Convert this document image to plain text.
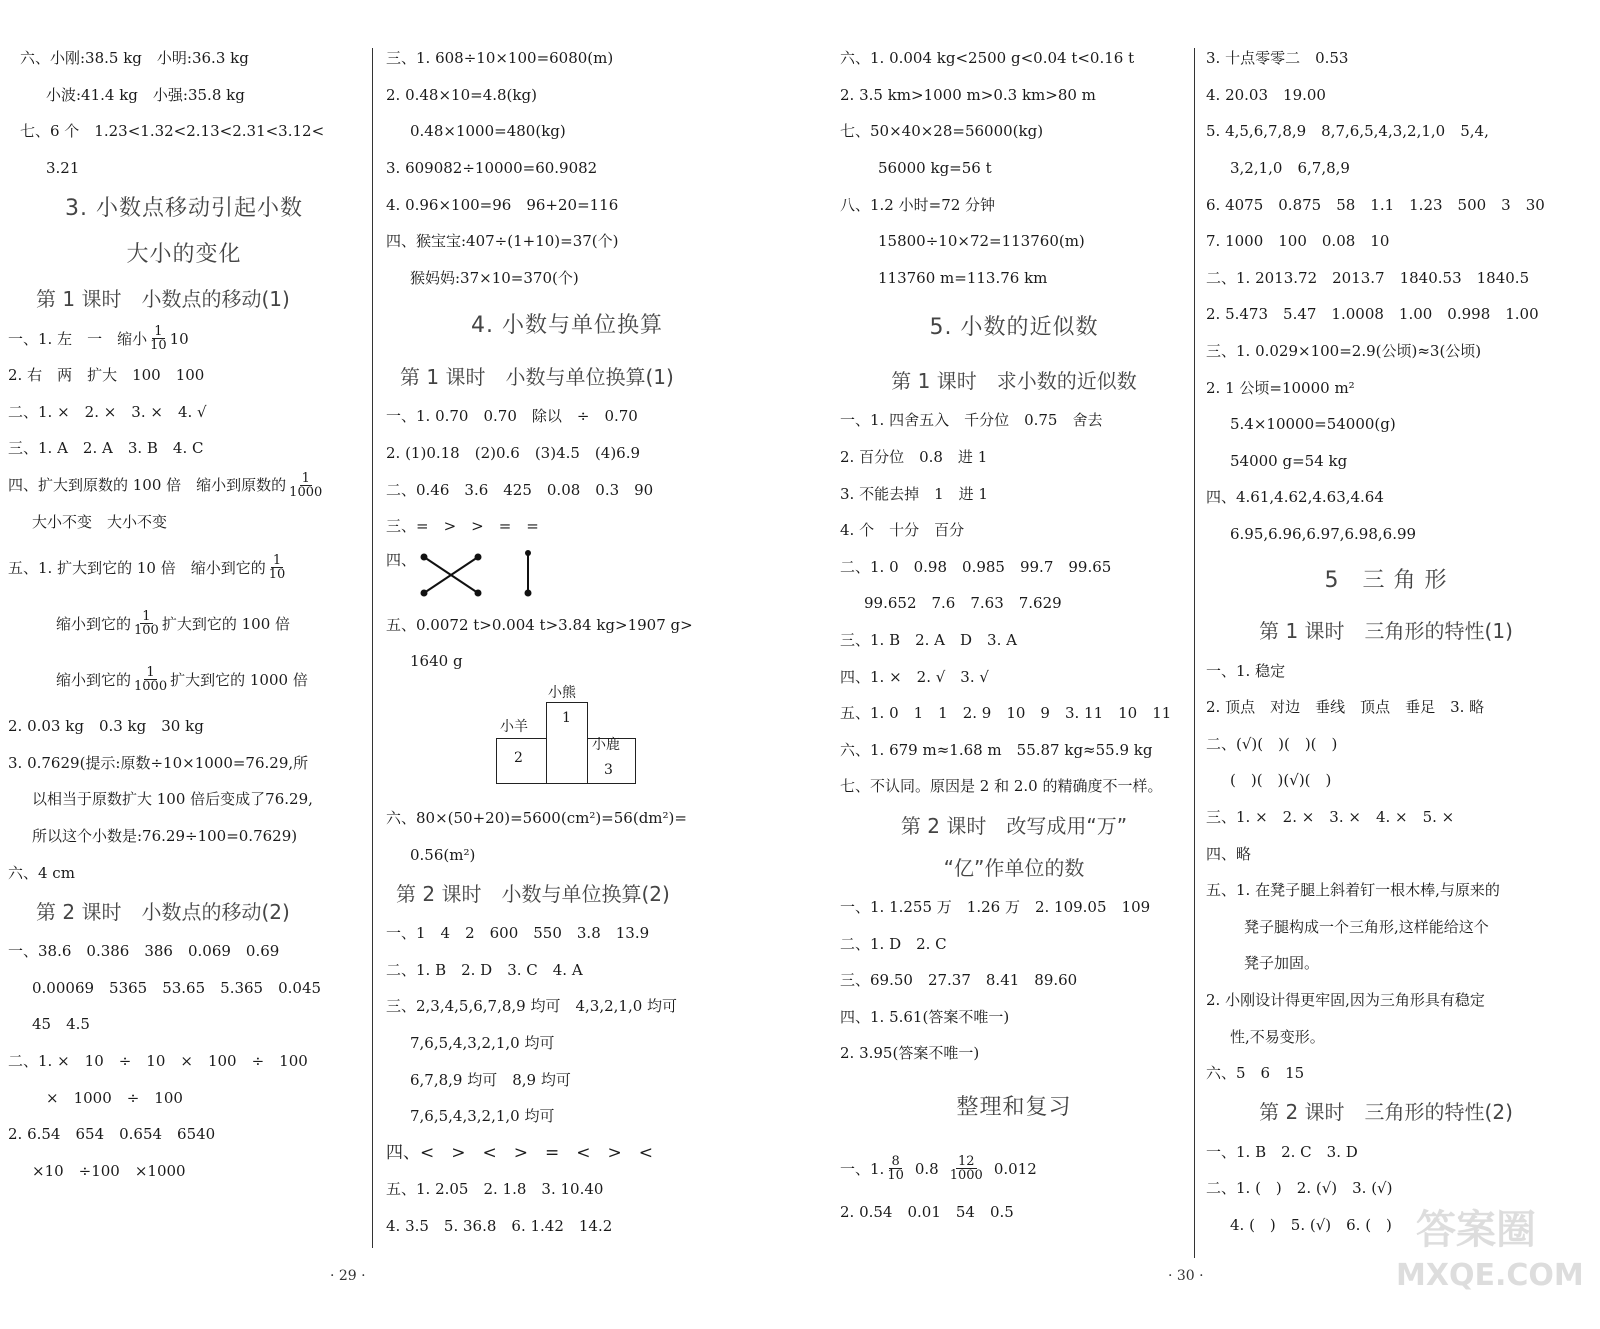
六、小刚:38.5 kg　小明:36.3 kg
小波:41.4 kg　小强:35.8 kg
七、6 个　1.23<1.32<2.13<2.31<3.12<
3.21
3. 小数点移动引起小数
大小的变化
第 1 课时　小数点的移动(1)
一、1. 左　一　缩小 $\frac{1}{10} 10$
2. 右　两　扩大　100　100
二、1. ×　2. ×　3. ×　4. √
三、1. A　2. A　3. B　4. C
四、扩大到原数的 100 倍　缩小到原数的 $\frac{1}{1000}$
大小不变　大小不变
五、1. 扩大到它的 10 倍　缩小到它的 $\frac{1}{10}$
缩小到它的 $\frac{1}{100}$ 扩大到它的 100 倍
缩小到它的 $\frac{1}{1000}$ 扩大到它的 1000 倍
2. 0.03 kg　0.3 kg　30 kg
3. 0.7629(提示:原数÷10×1000=76.29,所
以相当于原数扩大 100 倍后变成了76.29,
所以这个小数是:76.29÷100=0.7629)
六、4 cm
第 2 课时　小数点的移动(2)
一、38.6　0.386　386　0.069　0.69
0.00069　5365　53.65　5.365　0.045
45　4.5
二、1. ×　10　÷　10　×　100　÷　100
×　1000　÷　100
2. 6.54　654　0.654　6540
×10　÷100　×1000
三、1. 608÷10×100=6080(m)
2. 0.48×10=4.8(kg)
0.48×1000=480(kg)
3. 609082÷10000=60.9082
4. 0.96×100=96　96+20=116
四、猴宝宝:407÷(1+10)=37(个)
猴妈妈:37×10=370(个)
4. 小数与单位换算
第 1 课时　小数与单位换算(1)
一、1. 0.70　0.70　除以　÷　0.70
2. (1)0.18　(2)0.6　(3)4.5　(4)6.9
二、0.46　3.6　425　0.08　0.3　90
三、=　>　>　=　=
四、
五、0.0072 t>0.004 t>3.84 kg>1907 g>
1640 g
小熊
小羊
小鹿
1
2
3
六、80×(50+20)=5600(cm²)=56(dm²)=
0.56(m²)
第 2 课时　小数与单位换算(2)
一、1　4　2　600　550　3.8　13.9
二、1. B　2. D　3. C　4. A
三、2,3,4,5,6,7,8,9 均可　4,3,2,1,0 均可
7,6,5,4,3,2,1,0 均可
6,7,8,9 均可　8,9 均可
7,6,5,4,3,2,1,0 均可
四、<　>　<　>　=　<　>　<
五、1. 2.05　2. 1.8　3. 10.40
4. 3.5　5. 36.8　6. 1.42　14.2
六、1. 0.004 kg<2500 g<0.04 t<0.16 t
2. 3.5 km>1000 m>0.3 km>80 m
七、50×40×28=56000(kg)
56000 kg=56 t
八、1.2 小时=72 分钟
15800÷10×72=113760(m)
113760 m=113.76 km
5. 小数的近似数
第 1 课时　求小数的近似数
一、1. 四舍五入　千分位　0.75　舍去
2. 百分位　0.8　进 1
3. 不能去掉　1　进 1
4. 个　十分　百分
二、1. 0　0.98　0.985　99.7　99.65
99.652　7.6　7.63　7.629
三、1. B　2. A　D　3. A
四、1. ×　2. √　3. √
五、1. 0　1　1　2. 9　10　9　3. 11　10　11
六、1. 679 m≈1.68 m　55.87 kg≈55.9 kg
七、不认同。原因是 2 和 2.0 的精确度不一样。
第 2 课时　改写成用“万”
“亿”作单位的数
一、1. 1.255 万　1.26 万　2. 109.05　109
二、1. D　2. C
三、69.50　27.37　8.41　89.60
四、1. 5.61(答案不唯一)
2. 3.95(答案不唯一)
整理和复习
一、1. $\frac{8}{10} 0.8 \frac{12}{1000} 0.012$
2. 0.54　0.01　54　0.5
3. 十点零零二　0.53
4. 20.03　19.00
5. 4,5,6,7,8,9　8,7,6,5,4,3,2,1,0　5,4,
3,2,1,0　6,7,8,9
6. 4075　0.875　58　1.1　1.23　500　3　30
7. 1000　100　0.08　10
二、1. 2013.72　2013.7　1840.53　1840.5
2. 5.473　5.47　1.0008　1.00　0.998　1.00
三、1. 0.029×100=2.9(公顷)≈3(公顷)
2. 1 公顷=10000 m²
5.4×10000=54000(g)
54000 g=54 kg
四、4.61,4.62,4.63,4.64
6.95,6.96,6.97,6.98,6.99
5　三 角 形
第 1 课时　三角形的特性(1)
一、1. 稳定
2. 顶点　对边　垂线　顶点　垂足　3. 略
二、(√)(　)(　)(　)
(　)(　)(√)(　)
三、1. ×　2. ×　3. ×　4. ×　5. ×
四、略
五、1. 在凳子腿上斜着钉一根木棒,与原来的
凳子腿构成一个三角形,这样能给这个
凳子加固。
2. 小刚设计得更牢固,因为三角形具有稳定
性,不易变形。
六、5　6　15
第 2 课时　三角形的特性(2)
一、1. B　2. C　3. D
二、1. (　)　2. (√)　3. (√)
4. (　)　5. (√)　6. (　)
· 29 ·	· 30 ·
答案圈
MXQE.COM
